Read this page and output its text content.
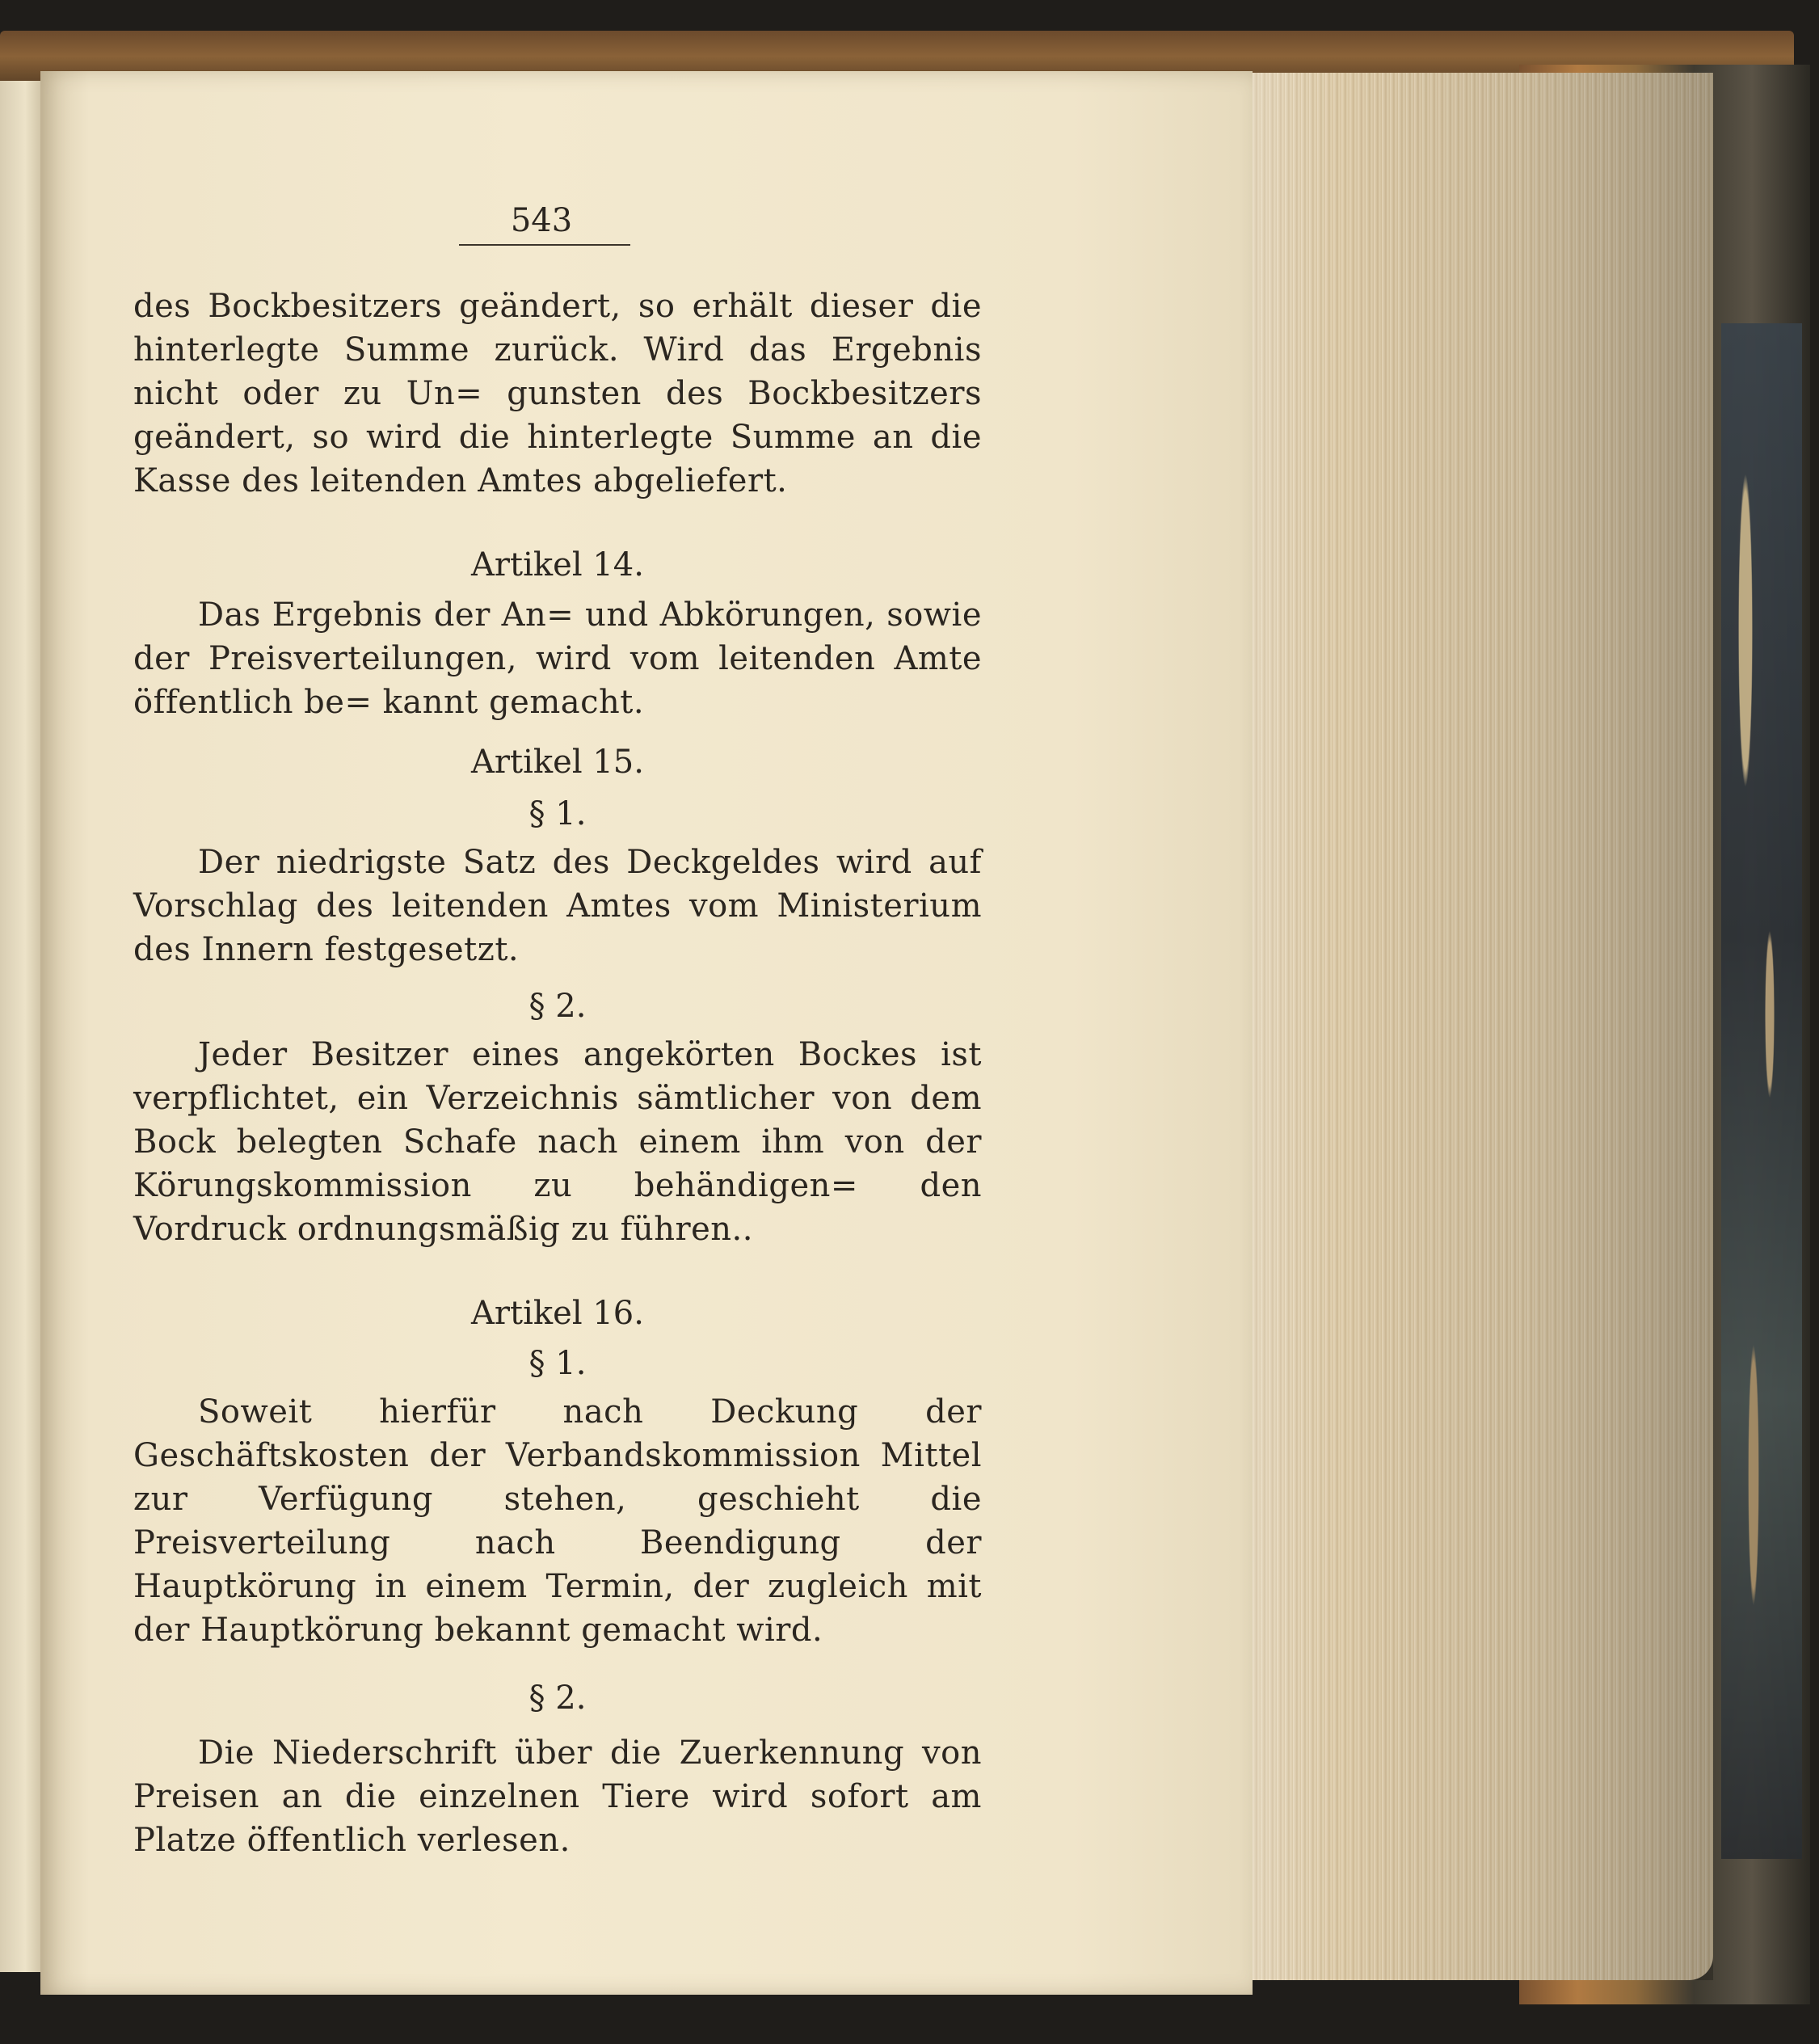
543

des Bockbesitzers geändert, so erhält dieser die hinterlegte Summe zurück. Wird das Ergebnis nicht oder zu Un= gunsten des Bockbesitzers geändert, so wird die hinterlegte Summe an die Kasse des leitenden Amtes abgeliefert.

Artikel 14.

Das Ergebnis der An= und Abkörungen, sowie der Preisverteilungen, wird vom leitenden Amte öffentlich be= kannt gemacht.

Artikel 15.

§ 1.

Der niedrigste Satz des Deckgeldes wird auf Vorschlag des leitenden Amtes vom Ministerium des Innern festgesetzt.

§ 2.

Jeder Besitzer eines angekörten Bockes ist verpflichtet, ein Verzeichnis sämtlicher von dem Bock belegten Schafe nach einem ihm von der Körungskommission zu behändigen= den Vordruck ordnungsmäßig zu führen..

Artikel 16.

§ 1.

Soweit hierfür nach Deckung der Geschäftskosten der Verbandskommission Mittel zur Verfügung stehen, geschieht die Preisverteilung nach Beendigung der Hauptkörung in einem Termin, der zugleich mit der Hauptkörung bekannt gemacht wird.

§ 2.

Die Niederschrift über die Zuerkennung von Preisen an die einzelnen Tiere wird sofort am Platze öffentlich verlesen.
